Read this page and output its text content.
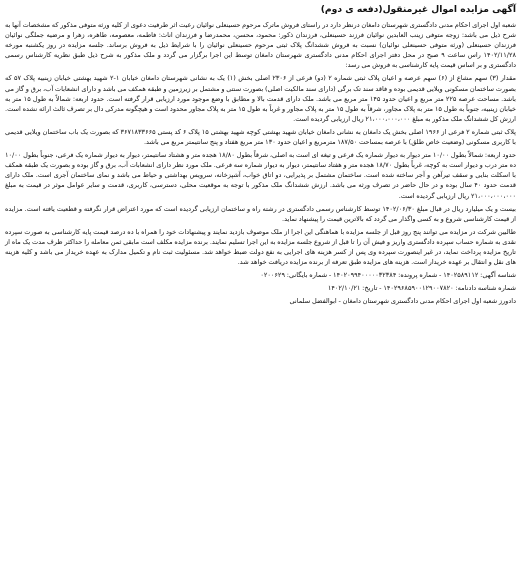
آگهی مزایده اموال غیرمنقول(دفعه ی دوم)
شعبه اول اجرای احکام مدنی دادگستری شهرستان دامغان درنظر دارد در راستای فروش ماترک مرحوم حسینعلی نوائیان رعیت اثر طرفیت دعوی از کلیه ورثه متوفی مذکور که مشخصات آنها به شرح ذیل می باشد: زوجه متوفی زینب العابدین نوائیان فرزند حسینعلی، فرزندان ذکور: محمود، محسن، محمدرضا و فرزندان اناث: فاطمه، معصومه، طاهره، زهرا و مرضیه جملگی نوائیان فرزندان حسینعلی (ورثه متوفی حسینعلی نوائیان) نسبت به فروش ششدانگ پلاک ثبتی مرحوم حسینعلی نوائیان را با شرایط ذیل به فروش برساند. جلسه مزایده در روز یکشنبه مورخه ۱۴۰۲/۱۱/۲۸ راس ساعت ۹ صبح در محل دفتر اجرای احکام مدنی دادگستری شهرستان دامغان توسط این اجرا برگزار می گردد و ملک مذکور به شرح ذیل طبق نظریه کارشناس رسمی دادگستری و بر اساس قیمت پایه کارشناسی به فروش می رسد:
مقدار (۳) سهم مشاع از (۶) سهم عرصه و اعیان پلاک ثبتی شماره ۲ (دو) فرعی از ۲۳۰۶ اصلی بخش (۱) یک به نشانی شهرستان دامغان خیابان ۱-۲ شهید بهشتی خیابان زینبیه پلاک ۵۷ که بصورت ساختمان مسکونی ویلایی قدیمی بوده و فاقد سند تک برگی (دارای سند مالکیت اصلی) بصورت سنتی و مشتمل بر زیرزمین و طبقه همکف می باشد و دارای انشعابات آب، برق و گاز می باشد. مساحت عرصه ۲۲۵ متر مربع و اعیان حدود ۱۴۵ متر مربع می باشد. ملک دارای قدمت بالا و مطابق با وضع موجود مورد ارزیابی قرار گرفته است. حدود اربعه: شمالاً به طول ۱۵ متر به خیابان زینبیه، جنوباً به طول ۱۵ متر به پلاک مجاور، شرقاً به طول ۱۵ متر به پلاک مجاور و غرباً به طول ۱۵ متر به پلاک مجاور محدود است و هیچگونه مدرکی دال بر تصرف ثالث ارائه نشده است. ارزش کل ششدانگ ملک مذکور به مبلغ ۲۱،۰۰۰،۰۰۰،۰۰۰ ریال ارزیابی گردیده است.
پلاک ثبتی شماره ۲ فرعی از ۱۹۶۶ اصلی بخش یک دامغان به نشانی دامغان خیابان شهید بهشتی کوچه شهید بهشتی ۱۵ پلاک ۶ کد پستی ۳۶۷۱۸۳۳۶۶۵ که بصورت یک باب ساختمان ویلایی قدیمی با کاربری مسکونی (وضعیت خاص طلق) با عرصه بمساحت ۱۸۷/۵۰ مترمربع و اعیان حدود ۱۳۰ متر مربع هفتاد و پنج سانتیمتر مربع می باشد.
حدود اربعه: شمالاً بطول ۱۰/۰۰ متر دیوار به دیوار شماره یک فرعی و تیغه ای است به اصلی، شرقاً بطول ۱۸/۸۰ هجده متر و هشتاد سانتیمتر، دیوار به دیوار شماره یک فرعی، جنوباً بطول ۱۰/۰۰ ده متر درب و دیوار است به کوچه، غرباً بطول ۱۸/۷۰ هجده متر و هفتاد سانتیمتر، دیوار به دیوار شماره سه فرعی. ملک مورد نظر دارای انشعابات آب، برق و گاز بوده و بصورت یک طبقه همکف با اسکلت بنایی و سقف تیرآهن و آجر ساخته شده است. ساختمان مشتمل بر پذیرایی، دو اتاق خواب، آشپزخانه، سرویس بهداشتی و حیاط می باشد و نمای ساختمان آجری است. ملک دارای قدمت حدود ۴۰ سال بوده و در حال حاضر در تصرف ورثه می باشد. ارزش ششدانگ ملک مذکور با توجه به موقعیت محلی، دسترسی، کاربری، قدمت و سایر عوامل موثر در قیمت به مبلغ ۲۱،۰۰۰،۰۰۰،۰۰۰ ریال ارزیابی گردیده است.
بیست و یک میلیارد ریال در قبال مبلغ ۱۴۰۲/۰۶/۳۰ توسط کارشناس رسمی دادگستری در رشته راه و ساختمان ارزیابی گردیده است که مورد اعتراض قرار نگرفته و قطعیت یافته است. مزایده از قیمت کارشناسی شروع و به کسی واگذار می گردد که بالاترین قیمت را پیشنهاد نماید.
طالبین شرکت در مزایده می توانند پنج روز قبل از جلسه مزایده با هماهنگی این اجرا از ملک موصوف بازدید نمایند و پیشنهادات خود را همراه با ده درصد قیمت پایه کارشناسی به صورت سپرده نقدی به شماره حساب سپرده دادگستری واریز و فیش آن را تا قبل از شروع جلسه مزایده به این اجرا تسلیم نمایند. برنده مزایده مکلف است مابقی ثمن معامله را حداکثر ظرف مدت یک ماه از تاریخ مزایده پرداخت نماید، در غیر اینصورت سپرده وی پس از کسر هزینه های اجرایی به نفع دولت ضبط خواهد شد. مسئولیت ثبت نام و تکمیل مدارک به عهده خریدار می باشد و کلیه هزینه های نقل و انتقال بر عهده خریدار است. هزینه های مزایده طبق تعرفه از برنده مزایده دریافت خواهد شد.
شناسه آگهی: ۱۴۰۲۵۸۹۱۱۲ - شماره پرونده: ۱۴۰۲۰۹۹۴۰۰۰۰۰۳۲۳۸۴ - شماره بایگانی: ۰۲۰۰۶۲۹
شماره شناسه دادنامه: ۱۴۰۲۹۶۸۵۹۰۰۱۲۹۰۰۷۸۲۰ - تاریخ: ۱۴۰۲/۱۰/۲۱
دادورز شعبه اول اجرای احکام مدنی دادگستری شهرستان دامغان - ابوالفضل سلمانی
